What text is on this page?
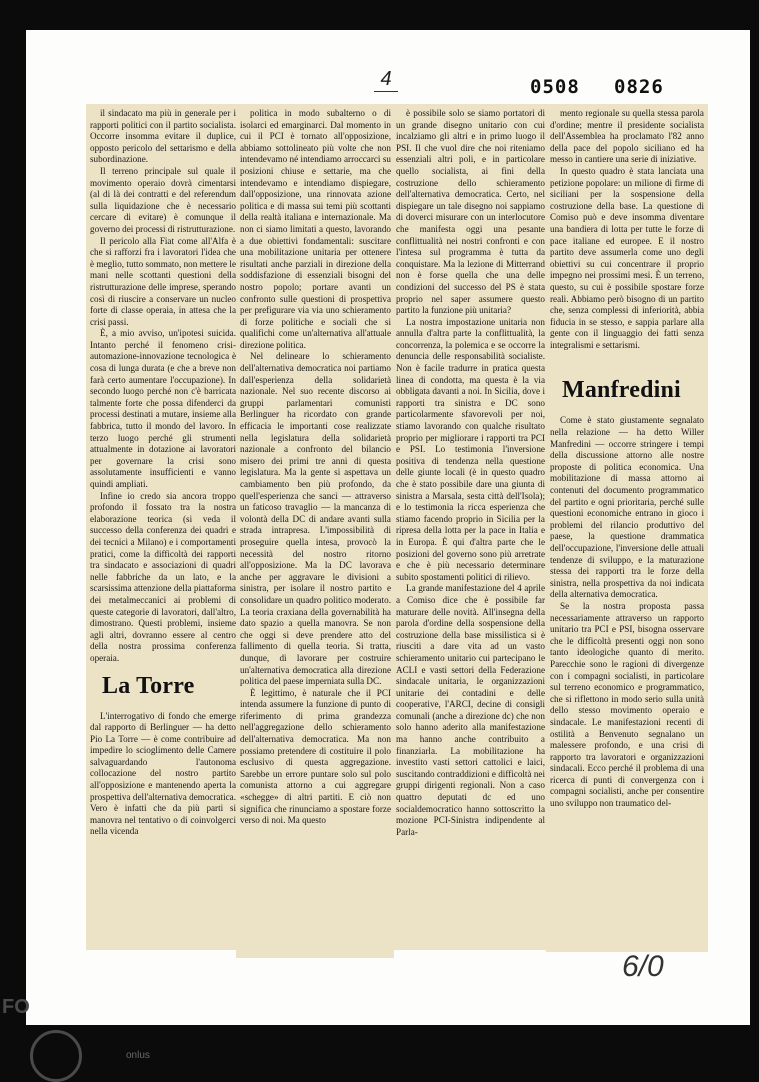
4	0508 0826

il sindacato ma più in generale per i rapporti politici con il partito socialista. Occorre insomma evitare il duplice, opposto pericolo del settarismo e della subordinazione.

Il terreno principale sul quale il movimento operaio dovrà cimentarsi (al di là dei contratti e del referendum sulla liquidazione che è necessario cercare di evitare) è comunque il governo dei processi di ristrutturazione.

Il pericolo alla Fiat come all'Alfa è che si rafforzi fra i lavoratori l'idea che è meglio, tutto sommato, non mettere le mani nelle scottanti questioni della ristrutturazione delle imprese, sperando così di riuscire a conservare un nucleo forte di classe operaia, in attesa che la crisi passi.

È, a mio avviso, un'ipotesi suicida. Intanto perché il fenomeno crisi-automazione-innovazione tecnologica è cosa di lunga durata (e che a breve non farà certo aumentare l'occupazione). In secondo luogo perché non c'è barricata talmente forte che possa difenderci da processi destinati a mutare, insieme alla fabbrica, tutto il mondo del lavoro. In terzo luogo perché gli strumenti attualmente in dotazione ai lavoratori per governare la crisi sono assolutamente insufficienti e vanno quindi ampliati.

Infine io credo sia ancora troppo profondo il fossato tra la nostra elaborazione teorica (si veda il successo della conferenza dei quadri e dei tecnici a Milano) e i comportamenti pratici, come la difficoltà dei rapporti tra sindacato e associazioni di quadri nelle fabbriche da un lato, e la scarsissima attenzione della piattaforma dei metalmeccanici ai problemi di queste categorie di lavoratori, dall'altro, dimostrano. Questi problemi, insieme agli altri, dovranno essere al centro della nostra prossima conferenza operaia.

La Torre

L'interrogativo di fondo che emerge dal rapporto di Berlinguer — ha detto Pio La Torre — è come contribuire ad impedire lo scioglimento delle Camere salvaguardando l'autonoma collocazione del nostro partito all'opposizione e mantenendo aperta la prospettiva dell'alternativa democratica. Vero è infatti che da più parti si manovra nel tentativo o di coinvolgerci nella vicenda

politica in modo subalterno o di isolarci ed emarginarci. Dal momento in cui il PCI è tornato all'opposizione, abbiamo sottolineato più volte che non intendevamo né intendiamo arroccarci su posizioni chiuse e settarie, ma che intendevamo e intendiamo dispiegare, dall'opposizione, una rinnovata azione politica e di massa sui temi più scottanti della realtà italiana e internazionale. Ma non ci siamo limitati a questo, lavorando a due obiettivi fondamentali: suscitare una mobilitazione unitaria per ottenere risultati anche parziali in direzione della soddisfazione di essenziali bisogni del nostro popolo; portare avanti un confronto sulle questioni di prospettiva per prefigurare via via uno schieramento di forze politiche e sociali che si qualifichi come un'alternativa all'attuale direzione politica.

Nel delineare lo schieramento dell'alternativa democratica noi partiamo dall'esperienza della solidarietà nazionale. Nel suo recente discorso ai gruppi parlamentari comunisti Berlinguer ha ricordato con grande efficacia le importanti cose realizzate nella legislatura della solidarietà nazionale a confronto del bilancio misero dei primi tre anni di questa legislatura. Ma la gente si aspettava un cambiamento ben più profondo, da quell'esperienza che sancì — attraverso un faticoso travaglio — la mancanza di volontà della DC di andare avanti sulla strada intrapresa. L'impossibilità di proseguire quella intesa, provocò la necessità del nostro ritorno all'opposizione. Ma la DC lavorava anche per aggravare le divisioni a sinistra, per isolare il nostro partito e consolidare un quadro politico moderato. La teoria craxiana della governabilità ha dato spazio a quella manovra. Se non che oggi si deve prendere atto del fallimento di quella teoria. Si tratta, dunque, di lavorare per costruire un'alternativa democratica alla direzione politica del paese imperniata sulla DC.

È legittimo, è naturale che il PCI intenda assumere la funzione di punto di riferimento di prima grandezza nell'aggregazione dello schieramento dell'alternativa democratica. Ma non possiamo pretendere di costituire il polo esclusivo di questa aggregazione. Sarebbe un errore puntare solo sul polo comunista attorno a cui aggregare «schegge» di altri partiti. E ciò non significa che rinunciamo a spostare forze verso di noi. Ma questo

è possibile solo se siamo portatori di un grande disegno unitario con cui incalziamo gli altri e in primo luogo il PSI. Il che vuol dire che noi riteniamo essenziali altri poli, e in particolare quello socialista, ai fini della costruzione dello schieramento dell'alternativa democratica. Certo, nel dispiegare un tale disegno noi sappiamo di doverci misurare con un interlocutore che manifesta oggi una pesante conflittualità nei nostri confronti e con l'intesa sul programma è tutta da conquistare. Ma la lezione di Mitterrand non è forse quella che una delle condizioni del successo del PS è stata proprio nel saper assumere questo partito la funzione più unitaria?

La nostra impostazione unitaria non annulla d'altra parte la conflittualità, la concorrenza, la polemica e se occorre la denuncia delle responsabilità socialiste. Non è facile tradurre in pratica questa linea di condotta, ma questa è la via obbligata davanti a noi. In Sicilia, dove i rapporti tra sinistra e DC sono particolarmente sfavorevoli per noi, stiamo lavorando con qualche risultato proprio per migliorare i rapporti tra PCI e PSI. Lo testimonia l'inversione positiva di tendenza nella questione delle giunte locali (è in questo quadro che è stato possibile dare una giunta di sinistra a Marsala, sesta città dell'Isola); e lo testimonia la ricca esperienza che stiamo facendo proprio in Sicilia per la ripresa della lotta per la pace in Italia e in Europa. È qui d'altra parte che le posizioni del governo sono più arretrate e che è più necessario determinare subito spostamenti politici di rilievo.

La grande manifestazione del 4 aprile a Comiso dice che è possibile far maturare delle novità. All'insegna della parola d'ordine della sospensione della costruzione della base missilistica si è riusciti a dare vita ad un vasto schieramento unitario cui partecipano le ACLI e vasti settori della Federazione sindacale unitaria, le organizzazioni unitarie dei contadini e delle cooperative, l'ARCI, decine di consigli comunali (anche a direzione dc) che non solo hanno aderito alla manifestazione ma hanno anche contribuito a finanziarla. La mobilitazione ha investito vasti settori cattolici e laici, suscitando contraddizioni e difficoltà nei gruppi dirigenti regionali. Non a caso quattro deputati dc ed uno socialdemocratico hanno sottoscritto la mozione PCI-Sinistra indipendente al Parla-

mento regionale su quella stessa parola d'ordine; mentre il presidente socialista dell'Assemblea ha proclamato l'82 anno della pace del popolo siciliano ed ha messo in cantiere una serie di iniziative.

In questo quadro è stata lanciata una petizione popolare: un milione di firme di siciliani per la sospensione della costruzione della base. La questione di Comiso può e deve insomma diventare una bandiera di lotta per tutte le forze di pace italiane ed europee. E il nostro partito deve assumerla come uno degli obiettivi su cui concentrare il proprio impegno nei prossimi mesi. È un terreno, questo, su cui è possibile spostare forze reali. Abbiamo però bisogno di un partito che, senza complessi di inferiorità, abbia fiducia in se stesso, e sappia parlare alla gente con il linguaggio dei fatti senza integralismi e settarismi.

Manfredini

Come è stato giustamente segnalato nella relazione — ha detto Willer Manfredini — occorre stringere i tempi della discussione attorno alle nostre proposte di politica economica. Una mobilitazione di massa attorno ai contenuti del documento programmatico del partito e ogni prioritaria, perché sulle questioni economiche entrano in gioco i problemi del rilancio produttivo del paese, la questione drammatica dell'occupazione, l'inversione delle attuali tendenze di sviluppo, e la maturazione stessa dei rapporti tra le forze della sinistra, nella prospettiva da noi indicata della alternativa democratica.

Se la nostra proposta passa necessariamente attraverso un rapporto unitario tra PCI e PSI, bisogna osservare che le difficoltà presenti oggi non sono tanto ideologiche quanto di merito. Parecchie sono le ragioni di divergenze con i compagni socialisti, in particolare sul terreno economico e programmatico, che si riflettono in modo serio sulla unità dello stesso movimento operaio e sindacale. Le manifestazioni recenti di ostilità a Benvenuto segnalano un malessere profondo, e una crisi di rapporto tra lavoratori e organizzazioni sindacali. Ecco perché il problema di una ricerca di punti di convergenza con i compagni socialisti, anche per consentire uno sviluppo non traumatico del-

6/0
FO
onlus
